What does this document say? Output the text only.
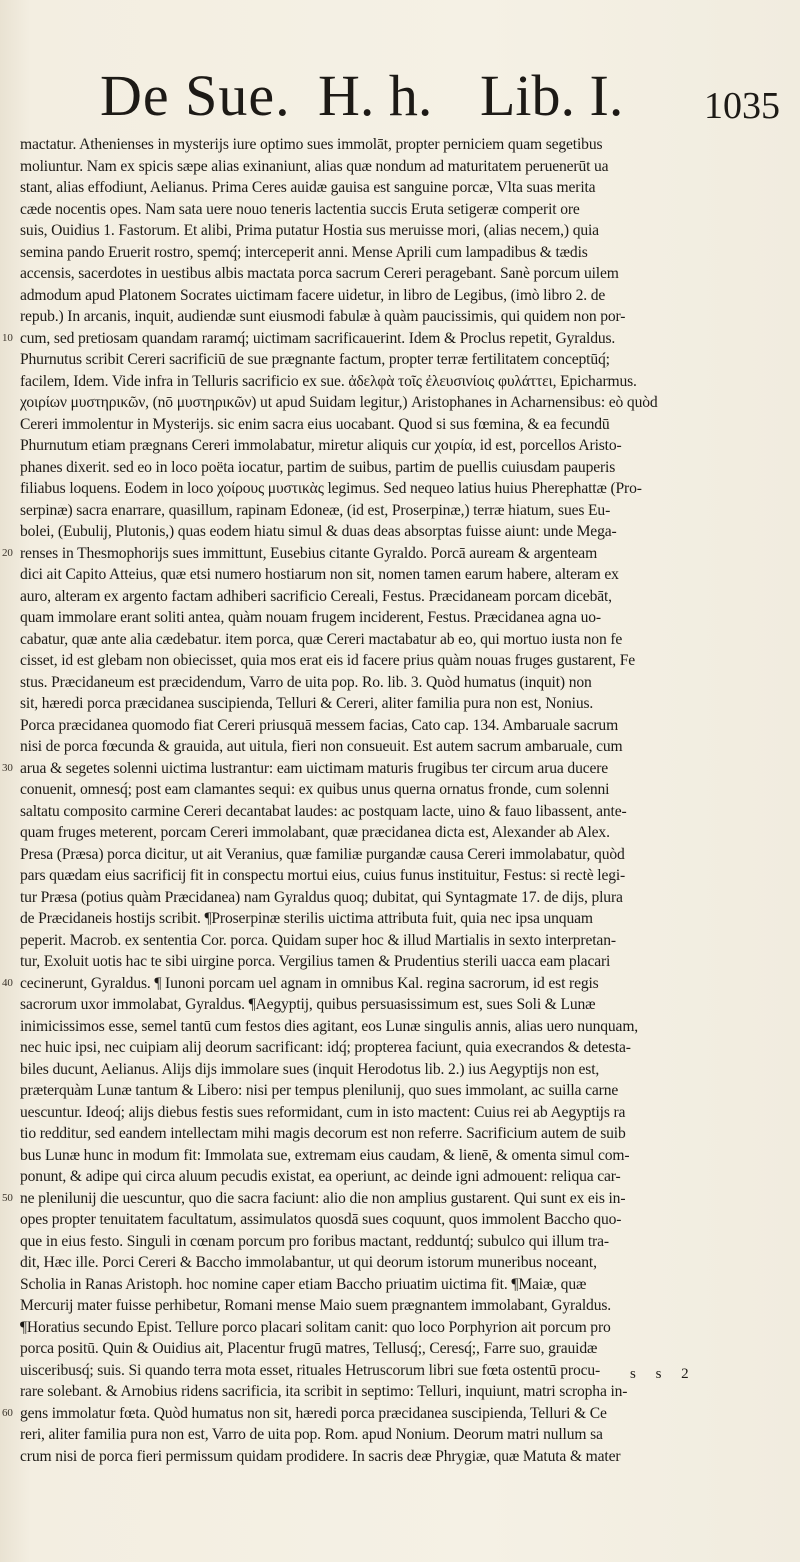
De Sue. H. h. Lib. I. 1035
mactatur. Athenienses in mysterijs iure optimo sues immolāt, propter perniciem quam segetibus
moliuntur. Nam ex spicis sæpe alias exinaniunt, alias quæ nondum ad maturitatem peruenerūt ua
stant, alias effodiunt, Aelianus. Prima Ceres auidæ gauisa est sanguine porcæ, Vlta suas merita
cæde nocentis opes. Nam sata uere nouo teneris lactentia succis Eruta setigeræ comperit ore
suis, Ouidius 1. Fastorum. Et alibi, Prima putatur Hostia sus meruisse mori, (alias necem,) quia
semina pando Eruerit rostro, spemq́; interceperit anni. Mense Aprili cum lampadibus & tædis
accensis, sacerdotes in uestibus albis mactata porca sacrum Cereri peragebant. Sanè porcum uilem
admodum apud Platonem Socrates uictimam facere uidetur, in libro de Legibus, (imò libro 2. de
repub.) In arcanis, inquit, audiendæ sunt eiusmodi fabulæ à quàm paucissimis, qui quidem non por-
10 cum, sed pretiosam quandam raramq́; uictimam sacrificauerint. Idem & Proclus repetit, Gyraldus.
Phurnutus scribit Cereri sacrificiū de sue prægnante factum, propter terræ fertilitatem conceptūq́;
facilem, Idem. Vide infra in Telluris sacrificio ex sue. ἀδελφὰ τοῖς ἐλευσινίοις φυλάττει, Epicharmus.
χοιρίων μυστηρικῶν, (nō μυστηρικῶν) ut apud Suidam legitur,) Aristophanes in Acharnensibus: eò quòd
Cereri immolentur in Mysterijs. sic enim sacra eius uocabant. Quod si sus fœmina, & ea fecundū
Phurnutum etiam prægnans Cereri immolabatur, miretur aliquis cur χοιρία, id est, porcellos Aristo-
phanes dixerit. sed eo in loco poëta iocatur, partim de suibus, partim de puellis cuiusdam pauperis
filiabus loquens. Eodem in loco χοίρους μυστικὰς legimus. Sed nequeo latius huius Pherephattæ (Pro-
serpinæ) sacra enarrare, quasillum, rapinam Edoneæ, (id est, Proserpinæ,) terræ hiatum, sues Eu-
bolei, (Eubulij, Plutonis,) quas eodem hiatu simul & duas deas absorptas fuisse aiunt: unde Mega-
20 renses in Thesmophorijs sues immittunt, Eusebius citante Gyraldo. Porcā auream & argenteam
dici ait Capito Atteius, quæ etsi numero hostiarum non sit, nomen tamen earum habere, alteram ex
auro, alteram ex argento factam adhiberi sacrificio Cereali, Festus. Præcidaneam porcam dicebāt,
quam immolare erant soliti antea, quàm nouam frugem inciderent, Festus. Præcidanea agna uo-
cabatur, quæ ante alia cædebatur. item porca, quæ Cereri mactabatur ab eo, qui mortuo iusta non fe
cisset, id est glebam non obiecisset, quia mos erat eis id facere prius quàm nouas fruges gustarent, Fe
stus. Præcidaneum est præcidendum, Varro de uita pop. Ro. lib. 3. Quòd humatus (inquit) non
sit, hæredi porca præcidanea suscipienda, Telluri & Cereri, aliter familia pura non est, Nonius.
Porca præcidanea quomodo fiat Cereri priusquā messem facias, Cato cap. 134. Ambaruale sacrum
nisi de porca fœcunda & grauida, aut uitula, fieri non consueuit. Est autem sacrum ambaruale, cum
30 arua & segetes solenni uictima lustrantur: eam uictimam maturis frugibus ter circum arua ducere
conuenit, omnesq́; post eam clamantes sequi: ex quibus unus querna ornatus fronde, cum solenni
saltatu composito carmine Cereri decantabat laudes: ac postquam lacte, uino & fauo libassent, ante-
quam fruges meterent, porcam Cereri immolabant, quæ præcidanea dicta est, Alexander ab Alex.
Presa (Præsa) porca dicitur, ut ait Veranius, quæ familiæ purgandæ causa Cereri immolabatur, quòd
pars quædam eius sacrificij fit in conspectu mortui eius, cuius funus instituitur, Festus: si rectè legi-
tur Præsa (potius quàm Præcidanea) nam Gyraldus quoq; dubitat, qui Syntagmate 17. de dijs, plura
de Præcidaneis hostijs scribit. ¶Proserpinæ sterilis uictima attributa fuit, quia nec ipsa unquam
peperit. Macrob. ex sententia Cor. porca. Quidam super hoc & illud Martialis in sexto interpretan-
tur, Exoluit uotis hac te sibi uirgine porca. Vergilius tamen & Prudentius sterili uacca eam placari
40 cecinerunt, Gyraldus. ¶ Iunoni porcam uel agnam in omnibus Kal. regina sacrorum, id est regis
sacrorum uxor immolabat, Gyraldus. ¶Aegyptij, quibus persuasissimum est, sues Soli & Lunæ
inimicissimos esse, semel tantū cum festos dies agitant, eos Lunæ singulis annis, alias uero nunquam,
nec huic ipsi, nec cuipiam alij deorum sacrificant: idq́; propterea faciunt, quia execrandos & detesta-
biles ducunt, Aelianus. Alijs dijs immolare sues (inquit Herodotus lib. 2.) ius Aegyptijs non est,
præterquàm Lunæ tantum & Libero: nisi per tempus plenilunij, quo sues immolant, ac suilla carne
uescuntur. Ideoq́; alijs diebus festis sues reformidant, cum in isto mactent: Cuius rei ab Aegyptijs ra
tio redditur, sed eandem intellectam mihi magis decorum est non referre. Sacrificium autem de suib
bus Lunæ hunc in modum fit: Immolata sue, extremam eius caudam, & lienē, & omenta simul com-
ponunt, & adipe qui circa aluum pecudis existat, ea operiunt, ac deinde igni admouent: reliqua car-
50 ne plenilunij die uescuntur, quo die sacra faciunt: alio die non amplius gustarent. Qui sunt ex eis in-
opes propter tenuitatem facultatum, assimulatos quosdā sues coquunt, quos immolent Baccho quo-
que in eius festo. Singuli in cœnam porcum pro foribus mactant, redduntq́; subulco qui illum tra-
dit, Hæc ille. Porci Cereri & Baccho immolabantur, ut qui deorum istorum muneribus noceant,
Scholia in Ranas Aristoph. hoc nomine caper etiam Baccho priuatim uictima fit. ¶Maiæ, quæ
Mercurij mater fuisse perhibetur, Romani mense Maio suem prægnantem immolabant, Gyraldus.
¶Horatius secundo Epist. Tellure porco placari solitam canit: quo loco Porphyrion ait porcum pro
porca positū. Quin & Ouidius ait, Placentur frugū matres, Tellusq́;, Ceresq́;, Farre suo, grauidæ
uisceribusq́; suis. Si quando terra mota esset, rituales Hetruscorum libri sue fœta ostentū procu-
rare solebant. & Arnobius ridens sacrificia, ita scribit in septimo: Telluri, inquiunt, matri scropha in-
60 gens immolatur fœta. Quòd humatus non sit, hæredi porca præcidanea suscipienda, Telluri & Ce
reri, aliter familia pura non est, Varro de uita pop. Rom. apud Nonium. Deorum matri nullum sa
crum nisi de porca fieri permissum quidam prodidere. In sacris deæ Phrygiæ, quæ Matuta & mater
s s 2
